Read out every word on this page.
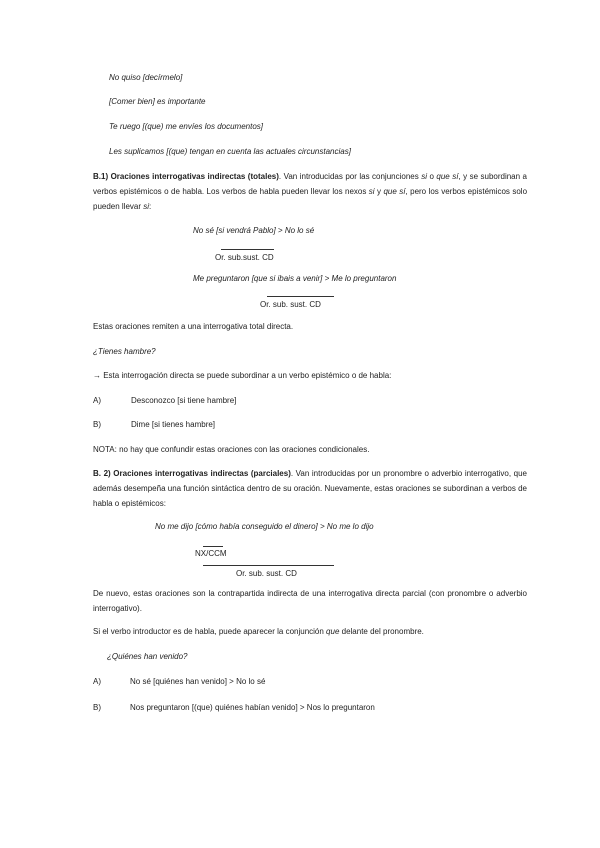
No quiso [decírmelo]
[Comer bien] es importante
Te ruego [(que) me envíes los documentos]
Les suplicamos [(que) tengan en cuenta las actuales circunstancias]
B.1) Oraciones interrogativas indirectas (totales). Van introducidas por las conjunciones si o que sí, y se subordinan a verbos epistémicos o de habla. Los verbos de habla pueden llevar los nexos si y que sí, pero los verbos epistémicos solo pueden llevar si:
No sé [si vendrá Pablo] > No lo sé
Or. sub.sust. CD
Me preguntaron [que si ibais a venir] > Me lo preguntaron
Or. sub. sust. CD
Estas oraciones remiten a una interrogativa total directa.
¿Tienes hambre?
→ Esta interrogación directa se puede subordinar a un verbo epistémico o de habla:
A)	Desconozco [si tiene hambre]
B)	Dime [si tienes hambre]
NOTA: no hay que confundir estas oraciones con las oraciones condicionales.
B. 2) Oraciones interrogativas indirectas (parciales). Van introducidas por un pronombre o adverbio interrogativo, que además desempeña una función sintáctica dentro de su oración. Nuevamente, estas oraciones se subordinan a verbos de habla o epistémicos:
No me dijo [cómo había conseguido el dinero] > No me lo dijo
NX/CCM
Or. sub. sust. CD
De nuevo, estas oraciones son la contrapartida indirecta de una interrogativa directa parcial (con pronombre o adverbio interrogativo).
Si el verbo introductor es de habla, puede aparecer la conjunción que delante del pronombre.
¿Quiénes han venido?
A)	No sé [quiénes han venido] > No lo sé
B)	Nos preguntaron [(que) quiénes habían venido] > Nos lo preguntaron
